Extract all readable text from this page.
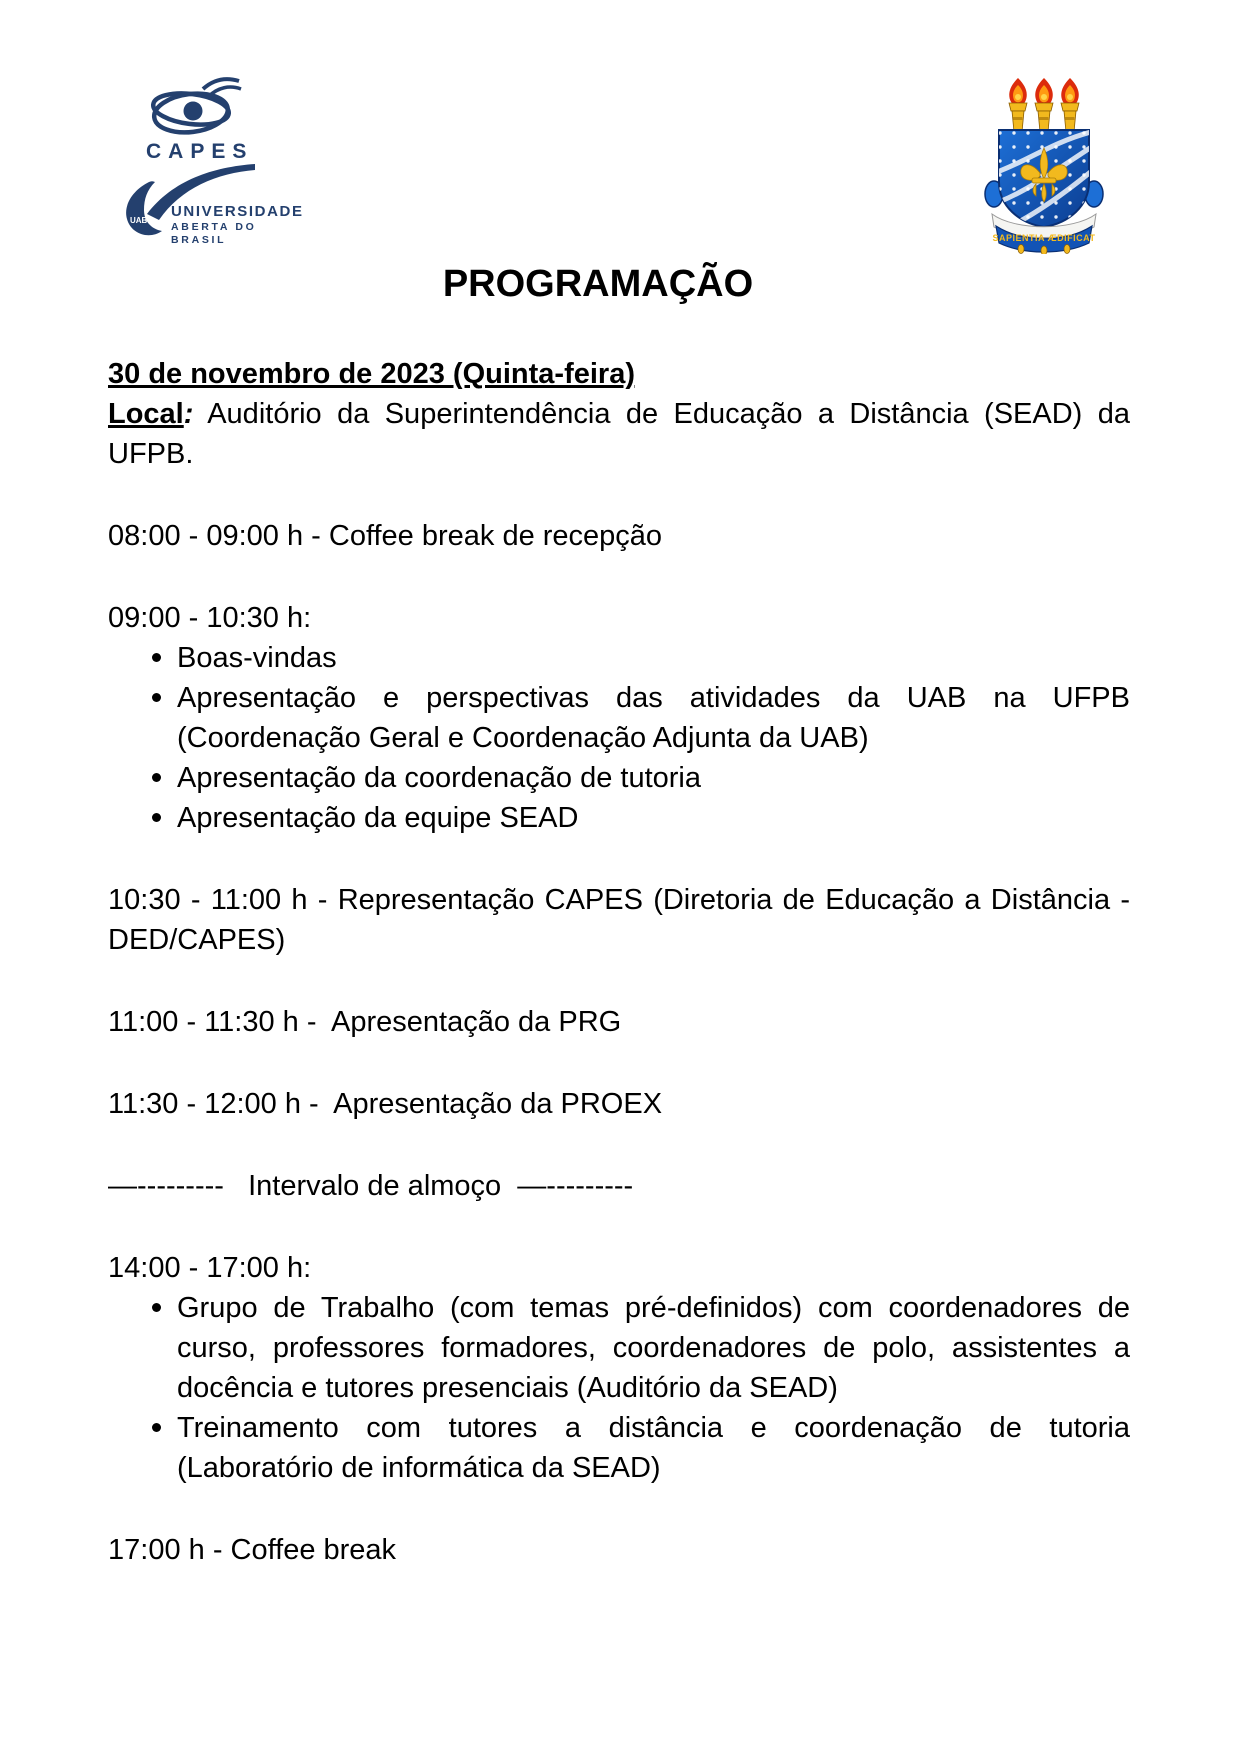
CAPES
UAB
UNIVERSIDADE
ABERTA DO BRASIL	SAPIENTIA ÆDIFICAT
PROGRAMAÇÃO

30 de novembro de 2023 (Quinta-feira)

Local: Auditório da Superintendência de Educação a Distância (SEAD) da UFPB.

08:00 - 09:00 h - Coffee break de recepção

09:00 - 10:30 h:

Boas-vindas
Apresentação e perspectivas das atividades da UAB na UFPB (Coordenação Geral e Coordenação Adjunta da UAB)
Apresentação da coordenação de tutoria
Apresentação da equipe SEAD

10:30 - 11:00 h - Representação CAPES (Diretoria de Educação a Distância - DED/CAPES)

11:00 - 11:30 h -  Apresentação da PRG

11:30 - 12:00 h -  Apresentação da PROEX

—---------   Intervalo de almoço  —---------

14:00 - 17:00 h:

Grupo de Trabalho (com temas pré-definidos) com coordenadores de curso, professores formadores, coordenadores de polo, assistentes a docência e tutores presenciais (Auditório da SEAD)
Treinamento com tutores a distância e coordenação de tutoria (Laboratório de informática da SEAD)

17:00 h - Coffee break
